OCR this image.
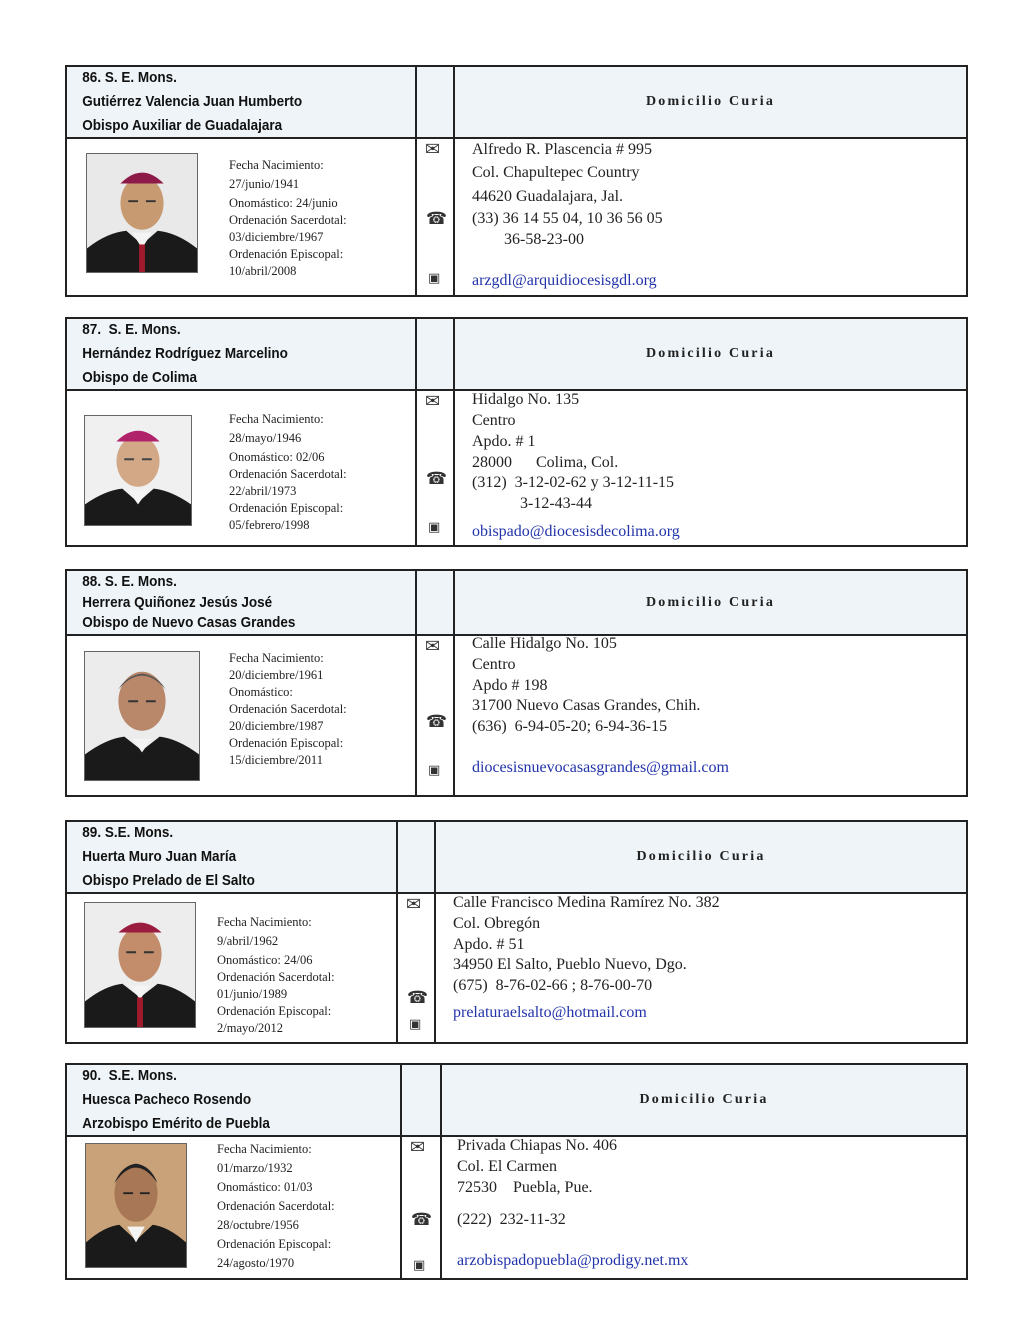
86. S. E. Mons.
Gutiérrez Valencia Juan Humberto
Obispo Auxiliar de Guadalajara
Domicilio Curia
Fecha Nacimiento:
27/junio/1941
Onomástico: 24/junio
Ordenación Sacerdotal:
03/diciembre/1967
Ordenación Episcopal:
10/abril/2008
✉
☎
▣
Alfredo R. Plascencia # 995
Col. Chapultepec Country
44620 Guadalajara, Jal.
(33) 36 14 55 04, 10 36 56 05
36-58-23-00
arzgdl@arquidiocesisgdl.org
87.  S. E. Mons.
Hernández Rodríguez Marcelino
Obispo de Colima
Domicilio Curia
Fecha Nacimiento:
28/mayo/1946
Onomástico: 02/06
Ordenación Sacerdotal:
22/abril/1973
Ordenación Episcopal:
05/febrero/1998
✉
☎
▣
Hidalgo No. 135
Centro
Apdo. # 1
28000      Colima, Col.
(312)  3-12-02-62 y 3-12-11-15
3-12-43-44
obispado@diocesisdecolima.org
88. S. E. Mons.
Herrera Quiñonez Jesús José
Obispo de Nuevo Casas Grandes
Domicilio Curia
Fecha Nacimiento:
20/diciembre/1961
Onomástico:
Ordenación Sacerdotal:
20/diciembre/1987
Ordenación Episcopal:
15/diciembre/2011
✉
☎
▣
Calle Hidalgo No. 105
Centro
Apdo # 198
31700 Nuevo Casas Grandes, Chih.
(636)  6-94-05-20; 6-94-36-15
diocesisnuevocasasgrandes@gmail.com
89. S.E. Mons.
Huerta Muro Juan María
Obispo Prelado de El Salto
Domicilio Curia
Fecha Nacimiento:
9/abril/1962
Onomástico: 24/06
Ordenación Sacerdotal:
01/junio/1989
Ordenación Episcopal:
2/mayo/2012
✉
☎
▣
Calle Francisco Medina Ramírez No. 382
Col. Obregón
Apdo. # 51
34950 El Salto, Pueblo Nuevo, Dgo.
(675)  8-76-02-66 ; 8-76-00-70
prelaturaelsalto@hotmail.com
90.  S.E. Mons.
Huesca Pacheco Rosendo
Arzobispo Emérito de Puebla
Domicilio Curia
Fecha Nacimiento:
01/marzo/1932
Onomástico: 01/03
Ordenación Sacerdotal:
28/octubre/1956
Ordenación Episcopal:
24/agosto/1970
✉
☎
▣
Privada Chiapas No. 406
Col. El Carmen
72530    Puebla, Pue.
(222)  232-11-32
arzobispadopuebla@prodigy.net.mx
